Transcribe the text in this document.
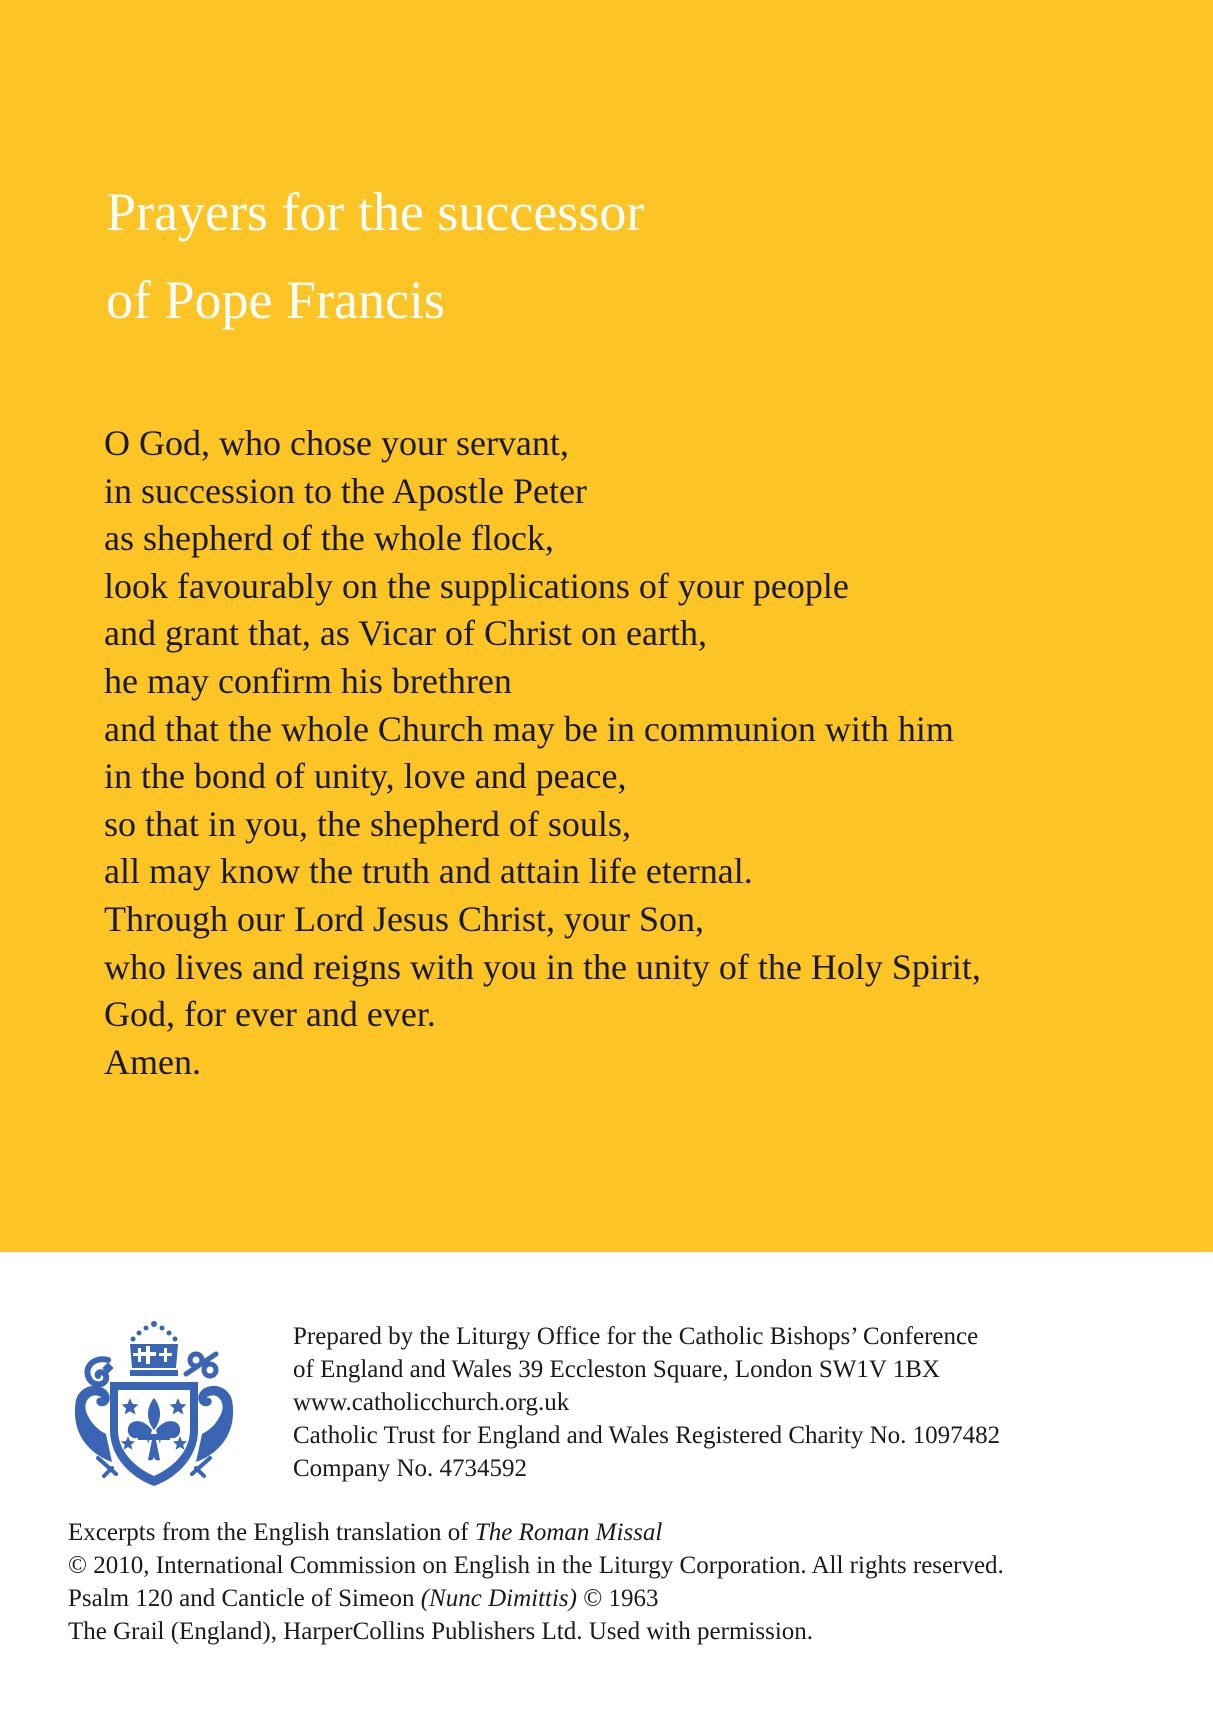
Prayers for the successor
of Pope Francis
O God, who chose your servant,
in succession to the Apostle Peter
as shepherd of the whole flock,
look favourably on the supplications of your people
and grant that, as Vicar of Christ on earth,
he may confirm his brethren
and that the whole Church may be in communion with him
in the bond of unity, love and peace,
so that in you, the shepherd of souls,
all may know the truth and attain life eternal.
Through our Lord Jesus Christ, your Son,
who lives and reigns with you in the unity of the Holy Spirit,
God, for ever and ever.
Amen.
Prepared by the Liturgy Office for the Catholic Bishops’ Conference
of England and Wales 39 Eccleston Square, London SW1V 1BX
www.catholicchurch.org.uk
Catholic Trust for England and Wales Registered Charity No. 1097482
Company No. 4734592
Excerpts from the English translation of The Roman Missal
© 2010, International Commission on English in the Liturgy Corporation. All rights reserved.
Psalm 120 and Canticle of Simeon (Nunc Dimittis) © 1963
The Grail (England), HarperCollins Publishers Ltd. Used with permission.
